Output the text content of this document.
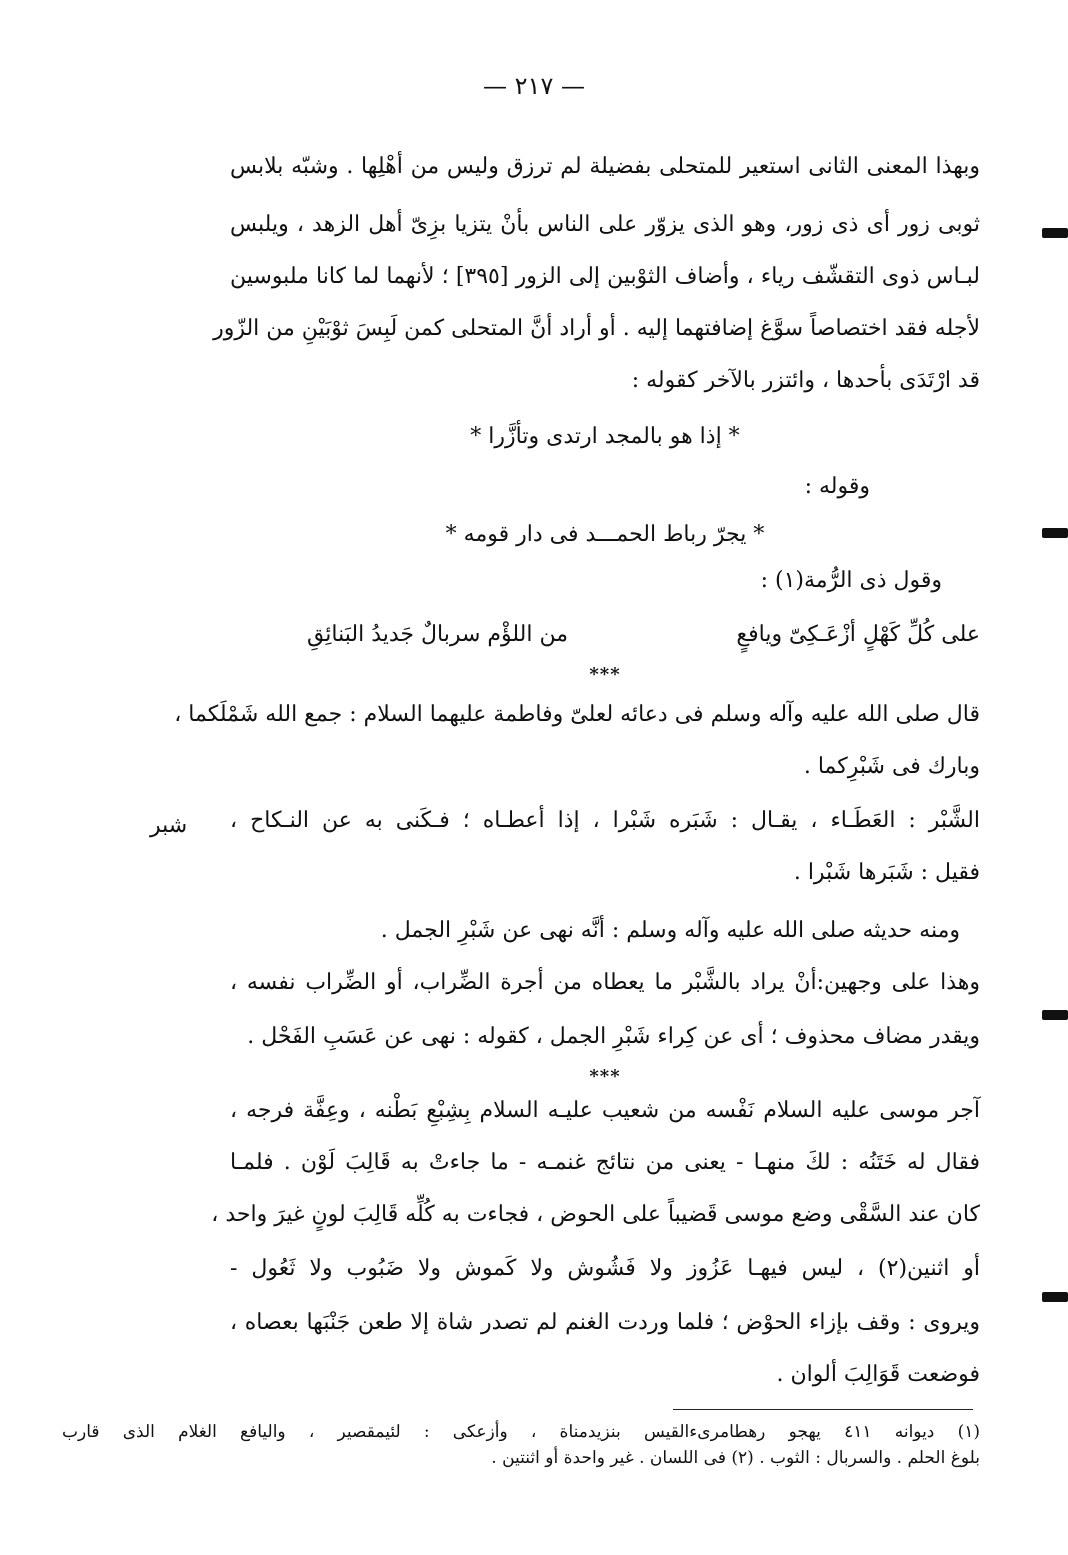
— ٢١٧ —
وبهذا المعنى الثانى استعير للمتحلى بفضيلة لم ترزق وليس من أهْلِها . وشبّه بلابس
ثوبى زور أى ذى زور، وهو الذى يزوّر على الناس بأنْ يتزيا بزِىّ أهل الزهد ، ويلبس
لبـاس ذوى التقشّف رياء ، وأضاف الثوْبين إلى الزور [٣٩٥] ؛ لأنهما لما كانا ملبوسين
لأجله فقد اختصاصاً سوَّغ إضافتهما إليه . أو أراد أنَّ المتحلى كمن لَبِسَ ثوْبَيْنِ من الزّور
قد ارْتَدَى بأحدها ، وائتزر بالآخر كقوله :
* إذا هو بالمجد ارتدى وتأزَّرا *
وقوله :
* يجرّ رباط الحمـــد فى دار قومه *
وقول ذى الرُّمة(١) :
على كُلِّ كَهْلٍ أزْعَـكِىّ ويافعٍ
من اللؤْم سربالٌ جَديدُ البَنائِقِ
***
قال صلى الله عليه وآله وسلم فى دعائه لعلىّ وفاطمة عليهما السلام : جمع الله شَمْلَكما ،
وبارك فى شَبْرِكما .
الشَّبْر : العَطَـاء ، يقـال : شَبَره شَبْرا ، إذا أعطـاه ؛ فـكَنى به عن النـكاح ،
فقيل : شَبَرها شَبْرا .
ومنه حديثه صلى الله عليه وآله وسلم : أنَّه نهى عن شَبْرِ الجمل .
وهذا على وجهين:أنْ يراد بالشَّبْر ما يعطاه من أجرة الضِّراب، أو الضِّراب نفسه ،
ويقدر مضاف محذوف ؛ أى عن كِراء شَبْرِ الجمل ، كقوله : نهى عن عَسَبِ الفَحْل .
***
آجر موسى عليه السلام نَفْسه من شعيب عليـه السلام بِشِبْعِ بَطْنه ، وعِفَّة فرجه ،
فقال له خَتَنُه : لكَ منهـا - يعنى من نتائج غنمـه - ما جاءتْ به قَالِبَ لَوْن . فلمـا
كان عند السَّقْى وضع موسى قَضيباً على الحوض ، فجاءت به كُلِّه قَالِبَ لونٍ غيرَ واحد ،
أو اثنين(٢) ، ليس فيهـا عَزُوز ولا فَشُوش ولا كَموش ولا ضَبُوب ولا ثَعُول -
ويروى : وقف بإزاء الحوْض ؛ فلما وردت الغنم لم تصدر شاة إلا طعن جَنْبَها بعصاه ،
فوضعت قَوَالِبَ ألوان .
شبر
(١) ديوانه ٤١١ يهجو رهطامرىءالقيس بنزيدمناة ، وأزعكى : لئيمقصير ، واليافع الغلام الذى قارب
بلوغ الحلم . والسربال : الثوب . (٢) فى اللسان . غير واحدة أو اثنتين .
